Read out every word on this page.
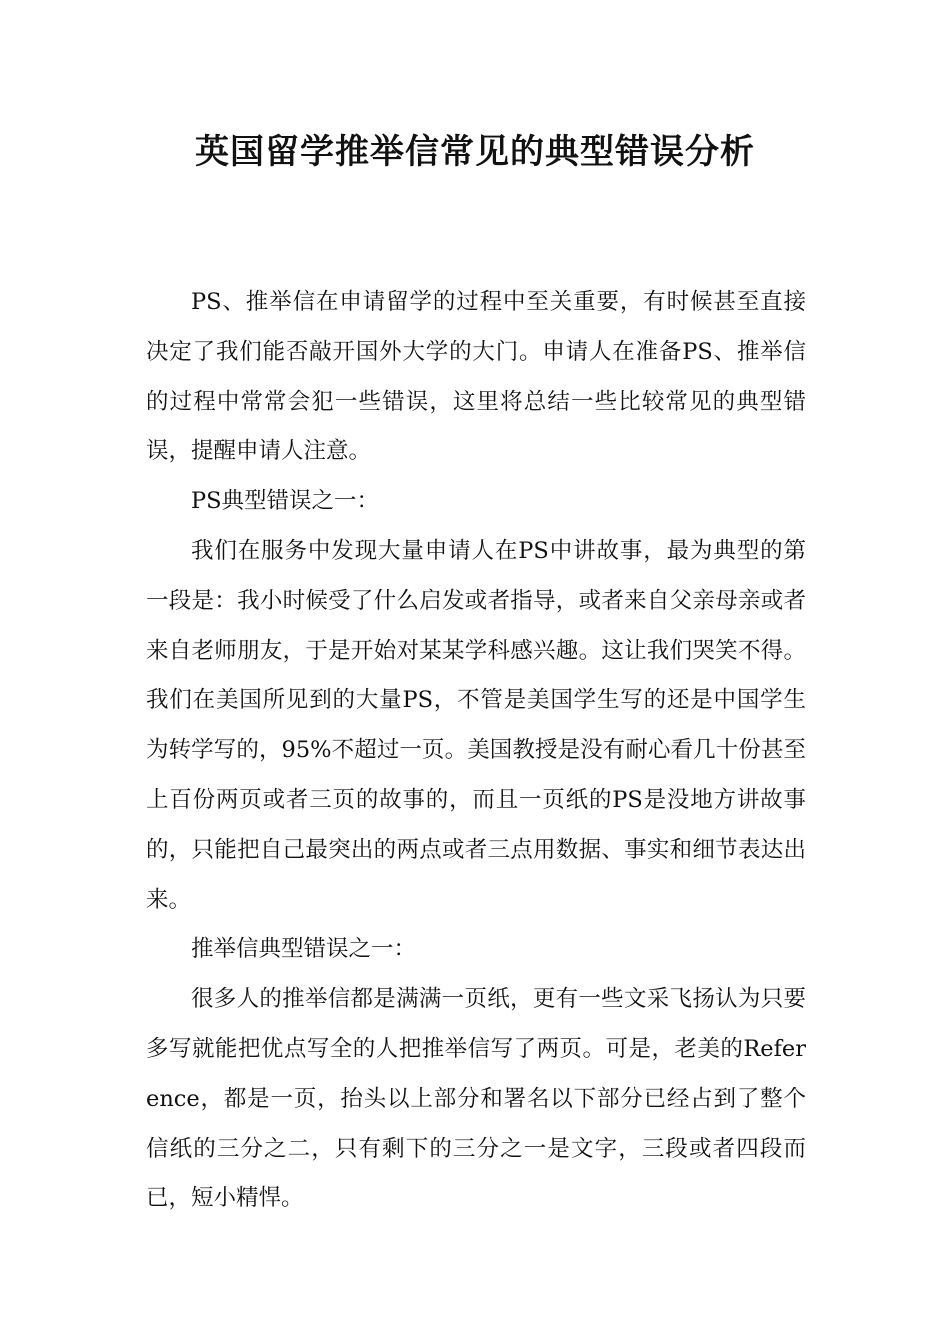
英国留学推举信常见的典型错误分析

PS、推举信在申请留学的过程中至关重要，有时候甚至直接决定了我们能否敲开国外大学的大门。申请人在准备PS、推举信的过程中常常会犯一些错误，这里将总结一些比较常见的典型错误，提醒申请人注意。

PS典型错误之一：

我们在服务中发现大量申请人在PS中讲故事，最为典型的第一段是：我小时候受了什么启发或者指导，或者来自父亲母亲或者来自老师朋友，于是开始对某某学科感兴趣。这让我们哭笑不得。我们在美国所见到的大量PS，不管是美国学生写的还是中国学生为转学写的，95%不超过一页。美国教授是没有耐心看几十份甚至上百份两页或者三页的故事的，而且一页纸的PS是没地方讲故事的，只能把自己最突出的两点或者三点用数据、事实和细节表达出来。

推举信典型错误之一：

很多人的推举信都是满满一页纸，更有一些文采飞扬认为只要多写就能把优点写全的人把推举信写了两页。可是，老美的Reference，都是一页，抬头以上部分和署名以下部分已经占到了整个信纸的三分之二，只有剩下的三分之一是文字，三段或者四段而已，短小精悍。
